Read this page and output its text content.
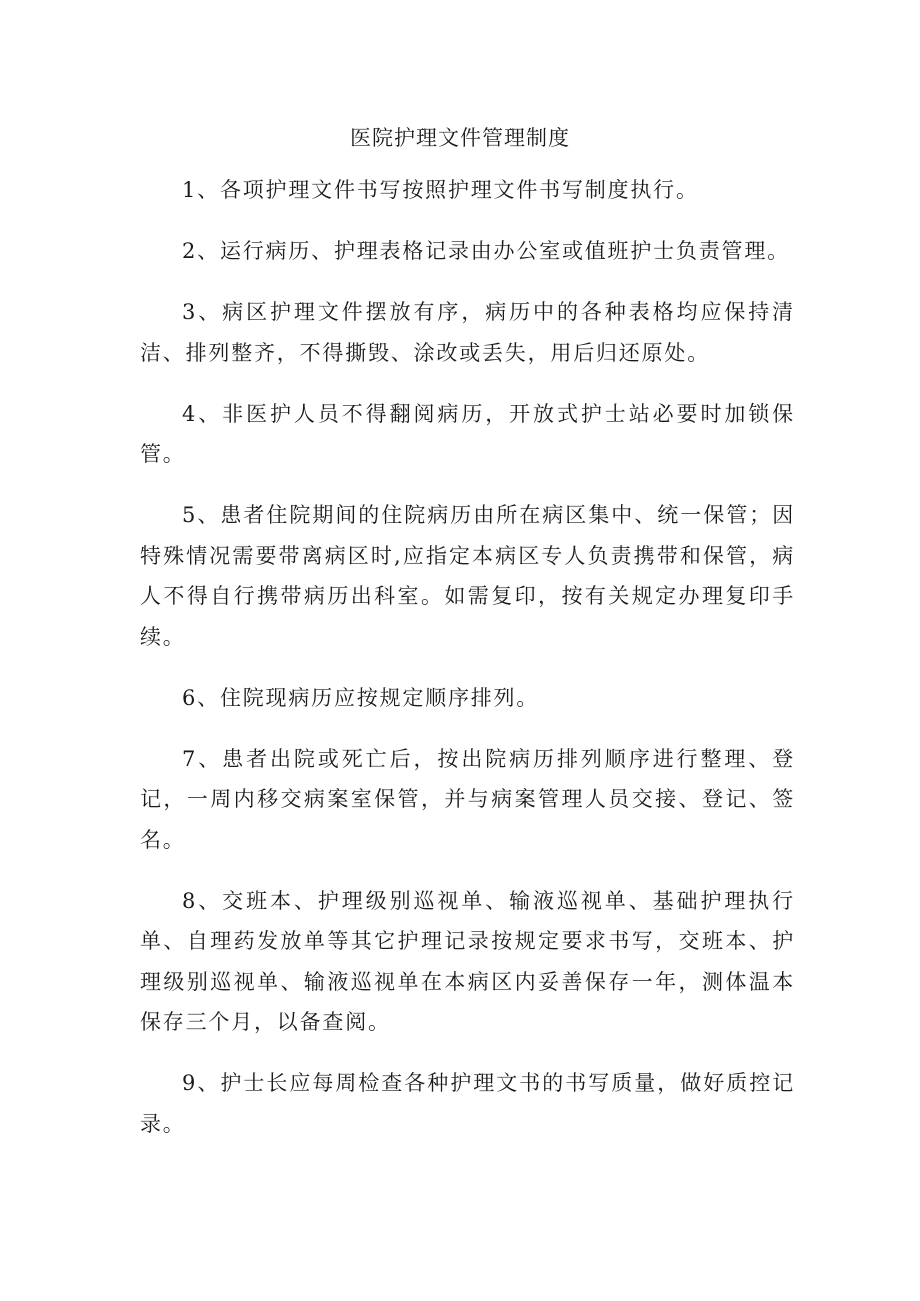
医院护理文件管理制度

1、各项护理文件书写按照护理文件书写制度执行。

2、运行病历、护理表格记录由办公室或值班护士负责管理。

3、病区护理文件摆放有序，病历中的各种表格均应保持清洁、排列整齐，不得撕毁、涂改或丢失，用后归还原处。

4、非医护人员不得翻阅病历，开放式护士站必要时加锁保管。

5、患者住院期间的住院病历由所在病区集中、统一保管；因特殊情况需要带离病区时,应指定本病区专人负责携带和保管，病人不得自行携带病历出科室。如需复印，按有关规定办理复印手续。

6、住院现病历应按规定顺序排列。

7、患者出院或死亡后，按出院病历排列顺序进行整理、登记，一周内移交病案室保管，并与病案管理人员交接、登记、签名。

8、交班本、护理级别巡视单、输液巡视单、基础护理执行单、自理药发放单等其它护理记录按规定要求书写，交班本、护理级别巡视单、输液巡视单在本病区内妥善保存一年，测体温本保存三个月，以备查阅。

9、护士长应每周检查各种护理文书的书写质量，做好质控记录。
